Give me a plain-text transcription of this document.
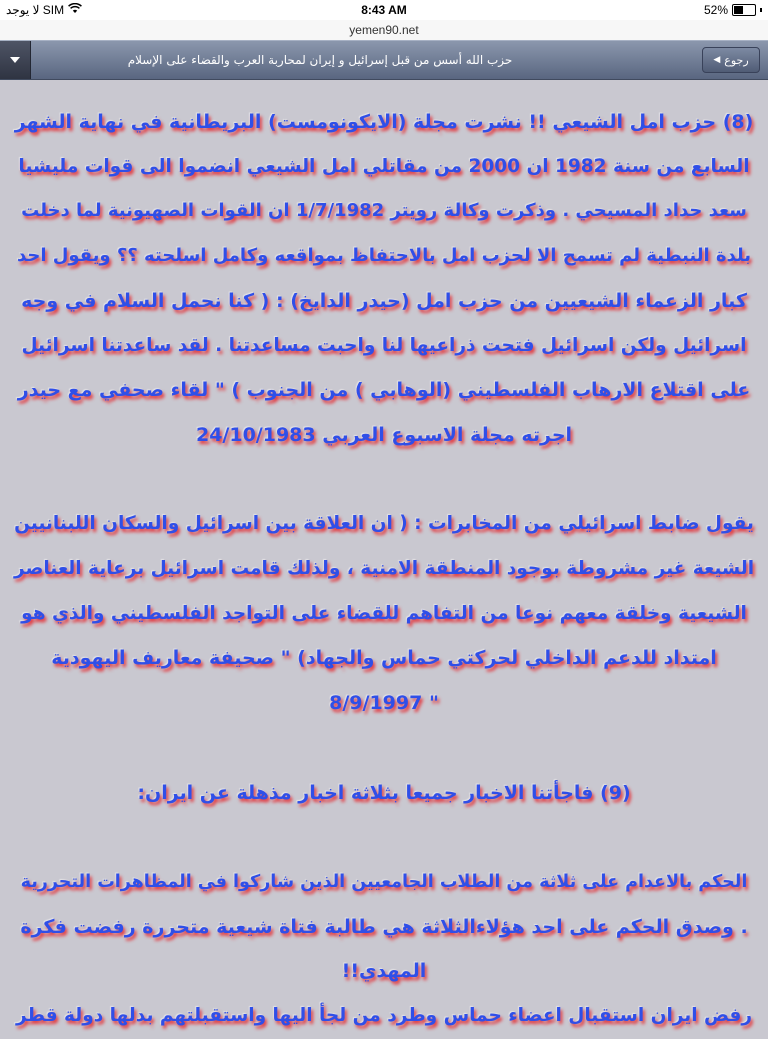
لا يوجد SIM	8:43 AM	52%
yemen90.net
حزب الله أسس من قبل إسرائيل و إيران لمحاربة العرب والقضاء على الإسلام	رجوع
◀
(8) حزب امل الشيعي !! نشرت مجلة (الايكونومست) البريطانية في نهاية الشهر
السابع من سنة 1982 ان 2000 من مقاتلي امل الشيعي انضموا الى قوات مليشيا
سعد حداد المسيحي . وذكرت وكالة رويتر 1/7/1982 ان القوات الصهيونية لما دخلت
بلدة النبطية لم تسمح الا لحزب امل بالاحتفاظ بمواقعه وكامل اسلحته ؟؟ ويقول احد
كبار الزعماء الشيعيين من حزب امل (حيدر الدايخ) : ( كنا نحمل السلام في وجه
اسرائيل ولكن اسرائيل فتحت ذراعيها لنا واحبت مساعدتنا . لقد ساعدتنا اسرائيل
على اقتلاع الارهاب الفلسطيني (الوهابي ) من الجنوب ) " لقاء صحفي مع حيدر
اجرته مجلة الاسبوع العربي 24/10/1983
يقول ضابط اسرائيلي من المخابرات : ( ان العلاقة بين اسرائيل والسكان اللبنانيين
الشيعة غير مشروطة بوجود المنطقة الامنية ، ولذلك قامت اسرائيل برعاية العناصر
الشيعية وخلقة معهم نوعا من التفاهم للقضاء على التواجد الفلسطيني والذي هو
امتداد للدعم الداخلي لحركتي حماس والجهاد) " صحيفة معاريف اليهودية
" 8/9/1997
(9) فاجأتنا الاخبار جميعا بثلاثة اخبار مذهلة عن ايران:
الحكم بالاعدام على ثلاثة من الطلاب الجامعيين الذين شاركوا في المظاهرات التحررية
. وصدق الحكم على احد هؤلاءالثلاثة هي طالبة فتاة شيعية متحررة رفضت فكرة
المهدي!!
رفض ايران استقبال اعضاء حماس وطرد من لجأ اليها واستقبلتهم بدلها دولة قطر
